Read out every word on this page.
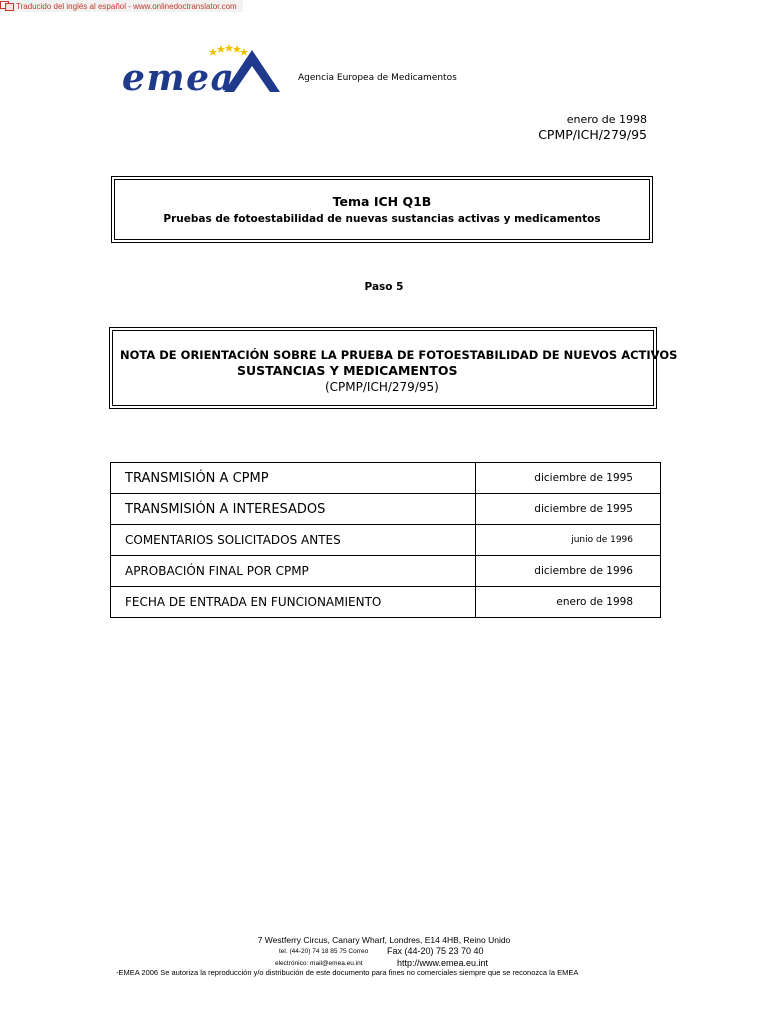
Traducido del inglés al español - www.onlinedoctranslator.com
emea	Agencia Europea de Medicamentos
enero de 1998
CPMP/ICH/279/95
Tema ICH Q1B
Pruebas de fotoestabilidad de nuevas sustancias activas y medicamentos
Paso 5
NOTA DE ORIENTACIÓN SOBRE LA PRUEBA DE FOTOESTABILIDAD DE NUEVOS ACTIVOS
SUSTANCIAS Y MEDICAMENTOS
(CPMP/ICH/279/95)
TRANSMISIÓN A CPMP	diciembre de 1995
TRANSMISIÓN A INTERESADOS	diciembre de 1995
COMENTARIOS SOLICITADOS ANTES	junio de 1996
APROBACIÓN FINAL POR CPMP	diciembre de 1996
FECHA DE ENTRADA EN FUNCIONAMIENTO	enero de 1998
7 Westferry Circus, Canary Wharf, Londres, E14 4HB, Reino Unido
tel. (44-20) 74 18 85 75 Correo Fax (44-20) 75 23 70 40
electrónico: mail@emea.eu.int	http://www.emea.eu.int
-EMEA 2006 Se autoriza la reproducción y/o distribución de este documento para fines no comerciales siempre que se reconozca la EMEA
